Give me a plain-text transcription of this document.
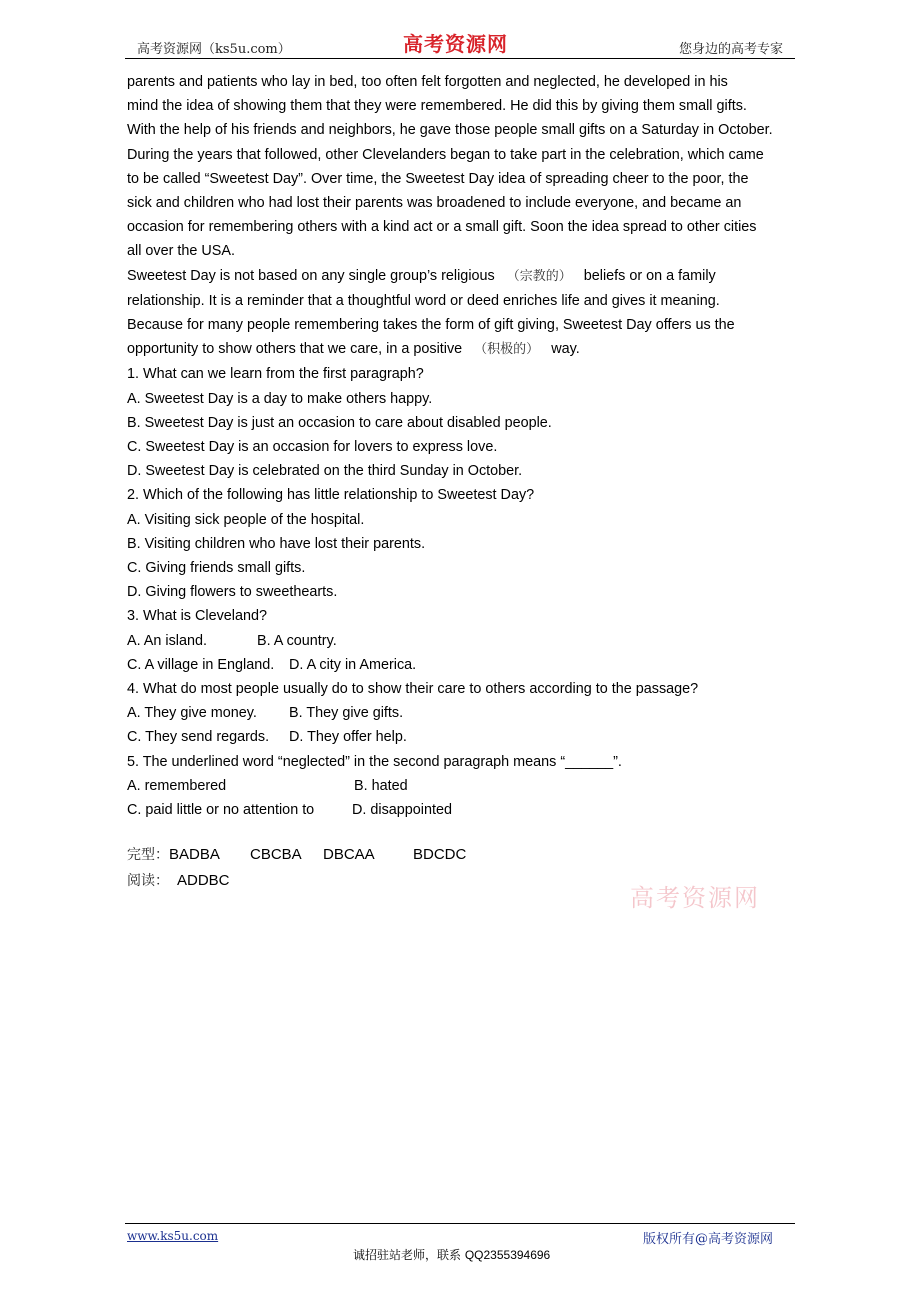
高考资源网（ks5u.com）	高考资源网	您身边的高考专家
parents and patients who lay in bed, too often felt forgotten and neglected, he developed in his
mind the idea of showing them that they were remembered. He did this by giving them small gifts.
With the help of his friends and neighbors, he gave those people small gifts on a Saturday in October.
During the years that followed, other Clevelanders began to take part in the celebration, which came
to be called “Sweetest Day”. Over time, the Sweetest Day idea of spreading cheer to the poor, the
sick and children who had lost their parents was broadened to include everyone, and became an
occasion for remembering others with a kind act or a small gift. Soon the idea spread to other cities
all over the USA.
Sweetest Day is not based on any single group’s religious （宗教的） beliefs or on a family
relationship. It is a reminder that a thoughtful word or deed enriches life and gives it meaning.
Because for many people remembering takes the form of gift giving, Sweetest Day offers us the
opportunity to show others that we care, in a positive （积极的） way.
1. What can we learn from the first paragraph?
A. Sweetest Day is a day to make others happy.
B. Sweetest Day is just an occasion to care about disabled people.
C. Sweetest Day is an occasion for lovers to express love.
D. Sweetest Day is celebrated on the third Sunday in October.
2. Which of the following has little relationship to Sweetest Day?
A. Visiting sick people of the hospital.
B. Visiting children who have lost their parents.
C. Giving friends small gifts.
D. Giving flowers to sweethearts.
3. What is Cleveland?
A. An island.	B. A country.
C. A village in England. D. A city in America.
4. What do most people usually do to show their care to others according to the passage?
A. They give money. B. They give gifts.
C. They send regards. D. They offer help.
5. The underlined word “neglected” in the second paragraph means “______”.
A. remembered	B. hated
C. paid little or no attention to	D. disappointed
完型：BADBA CBCBA DBCAA	BDCDC
阅读： ADDBC
高考资源网
www.ks5u.com	版权所有@高考资源网
诚招驻站老师，联系 QQ2355394696
